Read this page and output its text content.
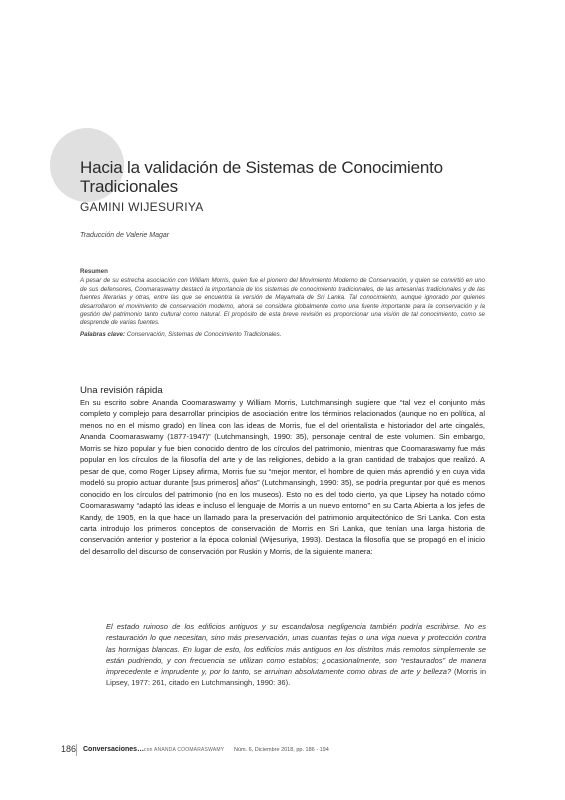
Hacia la validación de Sistemas de Conocimiento Tradicionales
GAMINI WIJESURIYA
Traducción de Valerie Magar
Resumen
A pesar de su estrecha asociación con William Morris, quien fue el pionero del Movimiento Moderno de Conservación, y quien se convirtió en uno de sus defensores, Coomaraswamy destacó la importancia de los sistemas de conocimiento tradicionales, de las artesanías tradicionales y de las fuentes literarias y otras, entre las que se encuentra la versión de Mayamata de Sri Lanka. Tal conocimiento, aunque ignorado por quienes desarrollaron el movimiento de conservación moderno, ahora se considera globalmente como una fuente importante para la conservación y la gestión del patrimonio tanto cultural como natural. El propósito de esta breve revisión es proporcionar una visión de tal conocimiento, como se desprende de varias fuentes.
Palabras clave: Conservación, Sistemas de Conocimiento Tradicionales.
Una revisión rápida

En su escrito sobre Ananda Coomaraswamy y William Morris, Lutchmansingh sugiere que “tal vez el conjunto más completo y complejo para desarrollar principios de asociación entre los términos relacionados (aunque no en política, al menos no en el mismo grado) en línea con las ideas de Morris, fue el del orientalista e historiador del arte cingalés, Ananda Coomaraswamy (1877-1947)” (Lutchmansingh, 1990: 35), personaje central de este volumen. Sin embargo, Morris se hizo popular y fue bien conocido dentro de los círculos del patrimonio, mientras que Coomaraswamy fue más popular en los círculos de la filosofía del arte y de las religiones, debido a la gran cantidad de trabajos que realizó. A pesar de que, como Roger Lipsey afirma, Morris fue su “mejor mentor, el hombre de quien más aprendió y en cuya vida modeló su propio actuar durante [sus primeros] años” (Lutchmansingh, 1990: 35), se podría preguntar por qué es menos conocido en los círculos del patrimonio (no en los museos). Esto no es del todo cierto, ya que Lipsey ha notado cómo Coomaraswamy “adaptó las ideas e incluso el lenguaje de Morris a un nuevo entorno” en su Carta Abierta a los jefes de Kandy, de 1905, en la que hace un llamado para la preservación del patrimonio arquitectónico de Sri Lanka. Con esta carta introdujo los primeros conceptos de conservación de Morris en Sri Lanka, que tenían una larga historia de conservación anterior y posterior a la época colonial (Wijesuriya, 1993). Destaca la filosofía que se propagó en el inicio del desarrollo del discurso de conservación por Ruskin y Morris, de la siguiente manera:

El estado ruinoso de los edificios antiguos y su escandalosa negligencia también podría escribirse. No es restauración lo que necesitan, sino más preservación, unas cuantas tejas o una viga nueva y protección contra las hormigas blancas. En lugar de esto, los edificios más antiguos en los distritos más remotos simplemente se están pudriendo, y con frecuencia se utilizan como establos; ¿ocasionalmente, son “restaurados” de manera imprecedente e imprudente y, por lo tanto, se arruinan absolutamente como obras de arte y belleza? (Morris in Lipsey, 1977: 261, citado en Lutchmansingh, 1990: 36).

186 Conversaciones… con ANANDA COOMARASWAMY Núm. 6, Diciembre 2018, pp. 186 - 194
